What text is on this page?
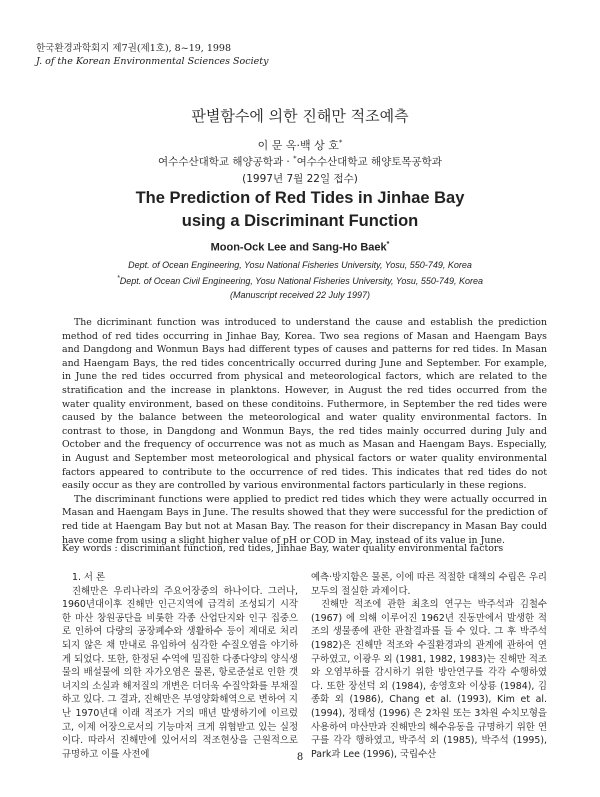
한국환경과학회지 제7권(제1호), 8~19, 1998
J. of the Korean Environmental Sciences Society
판별함수에 의한 진해만 적조예측
이 문 옥·백 상 호*
여수수산대학교 해양공학과 · *여수수산대학교 해양토목공학과
(1997년 7월 22일 접수)
The Prediction of Red Tides in Jinhae Bay
using a Discriminant Function
Moon-Ock Lee and Sang-Ho Baek*
Dept. of Ocean Engineering, Yosu National Fisheries University, Yosu, 550-749, Korea
*Dept. of Ocean Civil Engineering, Yosu National Fisheries University, Yosu, 550-749, Korea
(Manuscript received 22 July 1997)

The dicriminant function was introduced to understand the cause and establish the prediction method of red tides occurring in Jinhae Bay, Korea. Two sea regions of Masan and Haengam Bays and Dangdong and Wonmun Bays had different types of causes and patterns for red tides. In Masan and Haengam Bays, the red tides concentrically occurred during June and September. For example, in June the red tides occurred from physical and meteorological factors, which are related to the stratification and the increase in planktons. However, in August the red tides occurred from the water quality environment, based on these conditoins. Futhermore, in September the red tides were caused by the balance between the meteorological and water quality environmental factors. In contrast to those, in Dangdong and Wonmun Bays, the red tides mainly occurred during July and October and the frequency of occurrence was not as much as Masan and Haengam Bays. Especially, in August and September most meteorological and physical factors or water quality environmental factors appeared to contribute to the occurrence of red tides. This indicates that red tides do not easily occur as they are controlled by various environmental factors particularly in these regions.

The discriminant functions were applied to predict red tides which they were actually occurred in Masan and Haengam Bays in June. The results showed that they were successful for the prediction of red tide at Haengam Bay but not at Masan Bay. The reason for their discrepancy in Masan Bay could have come from using a slight higher value of pH or COD in May, instead of its value in June.

Key words : discriminant function, red tides, Jinhae Bay, water quality environmental factors

1. 서 론

진해만은 우리나라의 주요어장중의 하나이다. 그러나, 1960년대이후 진해만 인근지역에 급격히 조성되기 시작한 마산 창원공단을 비롯한 각종 산업단지와 인구 집중으로 인하여 다량의 공장폐수와 생활하수 등이 제대로 처리되지 않은 채 만내로 유입하여 심각한 수질오염을 야기하게 되었다. 또한, 한정된 수역에 밀집한 다종다양의 양식생물의 배설물에 의한 자가오염은 물론, 항로준설로 인한 갯녀지의 소실과 해저질의 개변은 더더욱 수질악화를 부채질하고 있다. 그 결과, 진해만은 부영양화해역으로 변하여 지난 1970년대 이래 적조가 거의 매년 발생하기에 이르렀고, 이제 어장으로서의 기능마저 크게 위협받고 있는 실정이다. 따라서 진해만에 있어서의 적조현상을 근원적으로 규명하고 이를 사전에

예측·방지함은 물론, 이에 따른 적절한 대책의 수립은 우리 모두의 절실한 과제이다.

진해만 적조에 관한 최초의 연구는 박주석과 김철수(1967) 에 의해 이루어진 1962년 진동만에서 발생한 적조의 생물종에 관한 관찰결과를 들 수 있다. 그 후 박주석 (1982)은 진해만 적조와 수질환경과의 관계에 관하여 연구하였고, 이광우 외 (1981, 1982, 1983)는 진해만 적조와 오염부하를 감시하기 위한 방안연구를 각각 수행하였다. 또한 장선덕 외 (1984), 송영호와 이상룡 (1984), 김종화 외 (1986), Chang et al. (1993), Kim et al. (1994), 정태성 (1996) 은 2차원 또는 3차원 수치모형을 사용하여 마산만과 진해만의 해수유동을 규명하기 위한 연구를 각각 행하였고, 박주석 외 (1985), 박주석 (1995), Park과 Lee (1996), 국립수산

8
